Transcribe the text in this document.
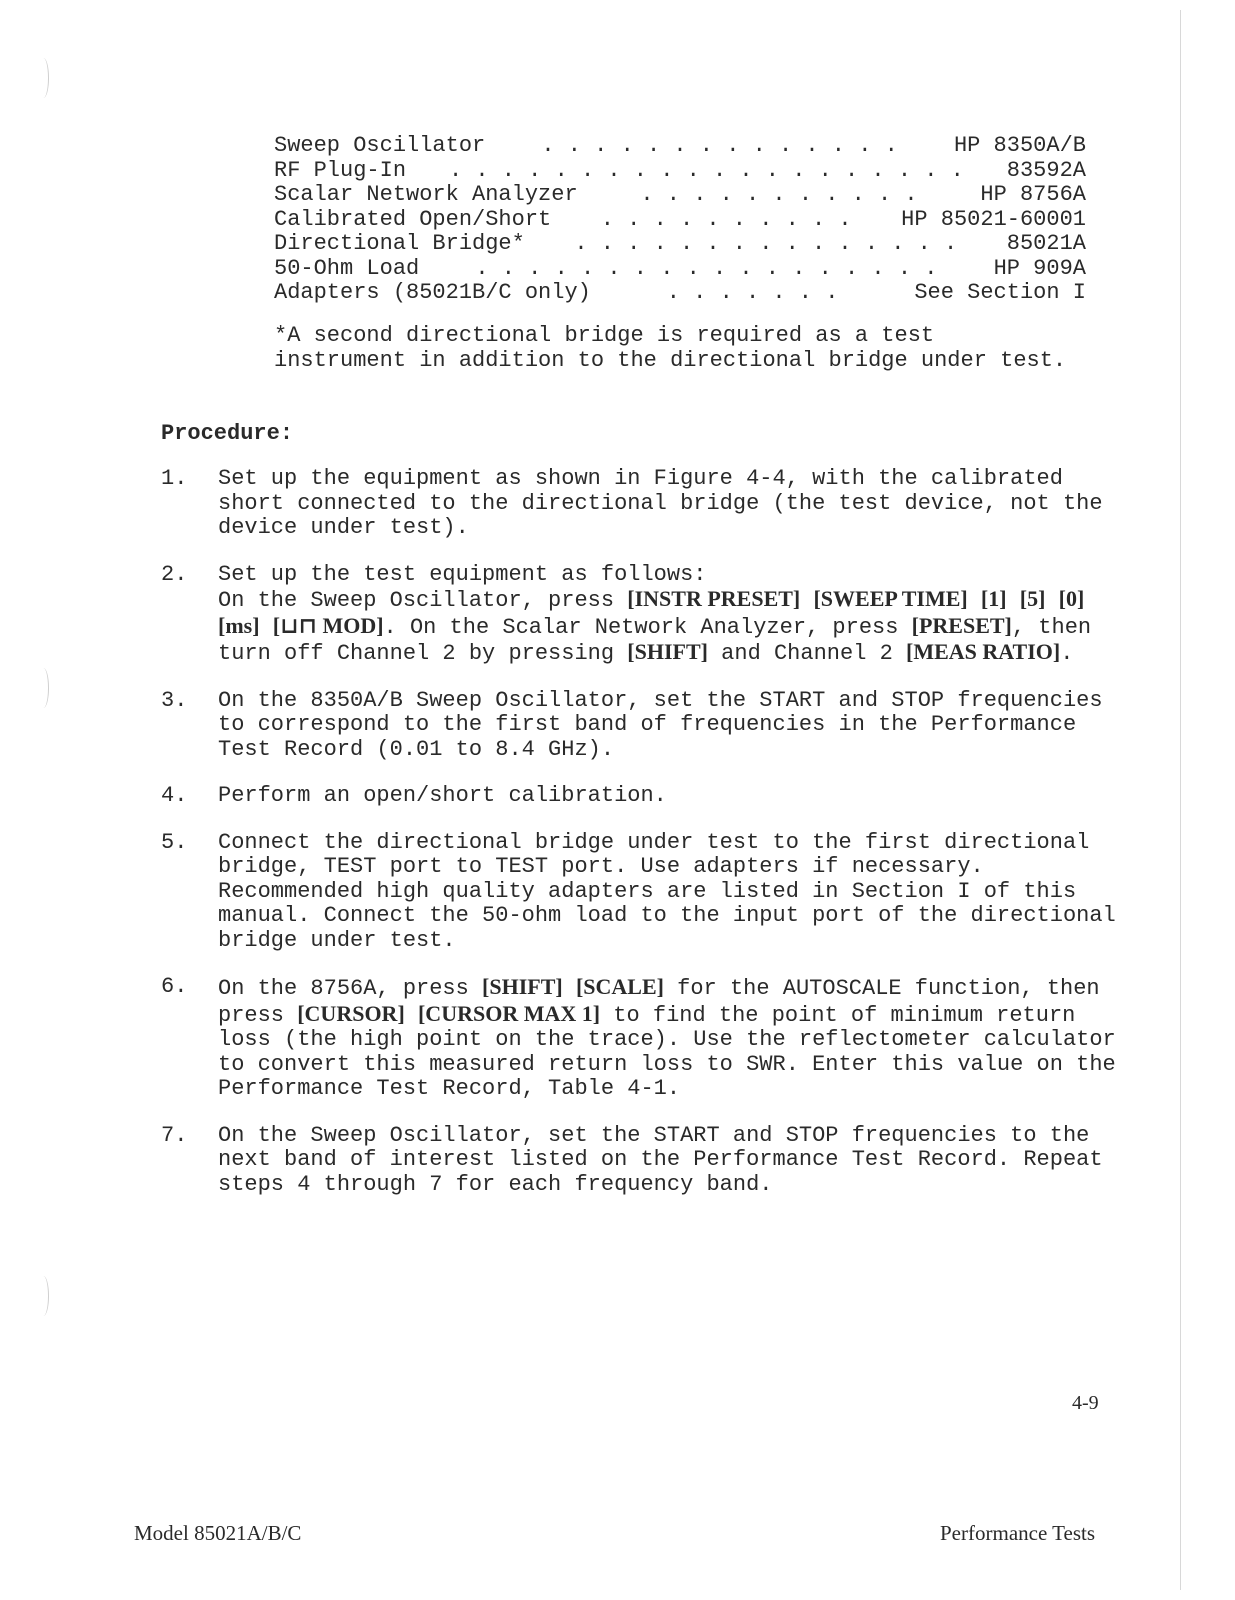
Sweep Oscillator	. . . . . . . . . . . . . .	HP 8350A/B
RF Plug-In . . . . . . . . . . . . . . . . . . . . 83592A
Scalar Network Analyzer	. . . . . . . . . . .	HP 8756A
Calibrated Open/Short . . . . . . . . . . HP 85021-60001
Directional Bridge* . . . . . . . . . . . . . . . 85021A
50-Ohm Load	. . . . . . . . . . . . . . . . . .	HP 909A
Adapters (85021B/C only)	. . . . . . .	See Section I
*A second directional bridge is required as a test instrument in addition to the directional bridge under test.
Procedure:
1.	Set up the equipment as shown in Figure 4-4, with the calibrated short connected to the directional bridge (the test device, not the device under test).
2.	Set up the test equipment as follows:
On the Sweep Oscillator, press [INSTR PRESET] [SWEEP TIME] [1] [5] [0] [ms] [⊔⊓ MOD]. On the Scalar Network Analyzer, press [PRESET], then turn off Channel 2 by pressing [SHIFT] and Channel 2 [MEAS RATIO].
3.	On the 8350A/B Sweep Oscillator, set the START and STOP frequencies to correspond to the first band of frequencies in the Performance Test Record (0.01 to 8.4 GHz).
4.	Perform an open/short calibration.
5.	Connect the directional bridge under test to the first directional bridge, TEST port to TEST port. Use adapters if necessary. Recommended high quality adapters are listed in Section I of this manual. Connect the 50-ohm load to the input port of the directional bridge under test.
6.	On the 8756A, press [SHIFT] [SCALE] for the AUTOSCALE function, then press [CURSOR] [CURSOR MAX 1] to find the point of minimum return loss (the high point on the trace). Use the reflectometer calculator to convert this measured return loss to SWR. Enter this value on the Performance Test Record, Table 4-1.
7.	On the Sweep Oscillator, set the START and STOP frequencies to the next band of interest listed on the Performance Test Record. Repeat steps 4 through 7 for each frequency band.
4-9
Model 85021A/B/C	Performance Tests
